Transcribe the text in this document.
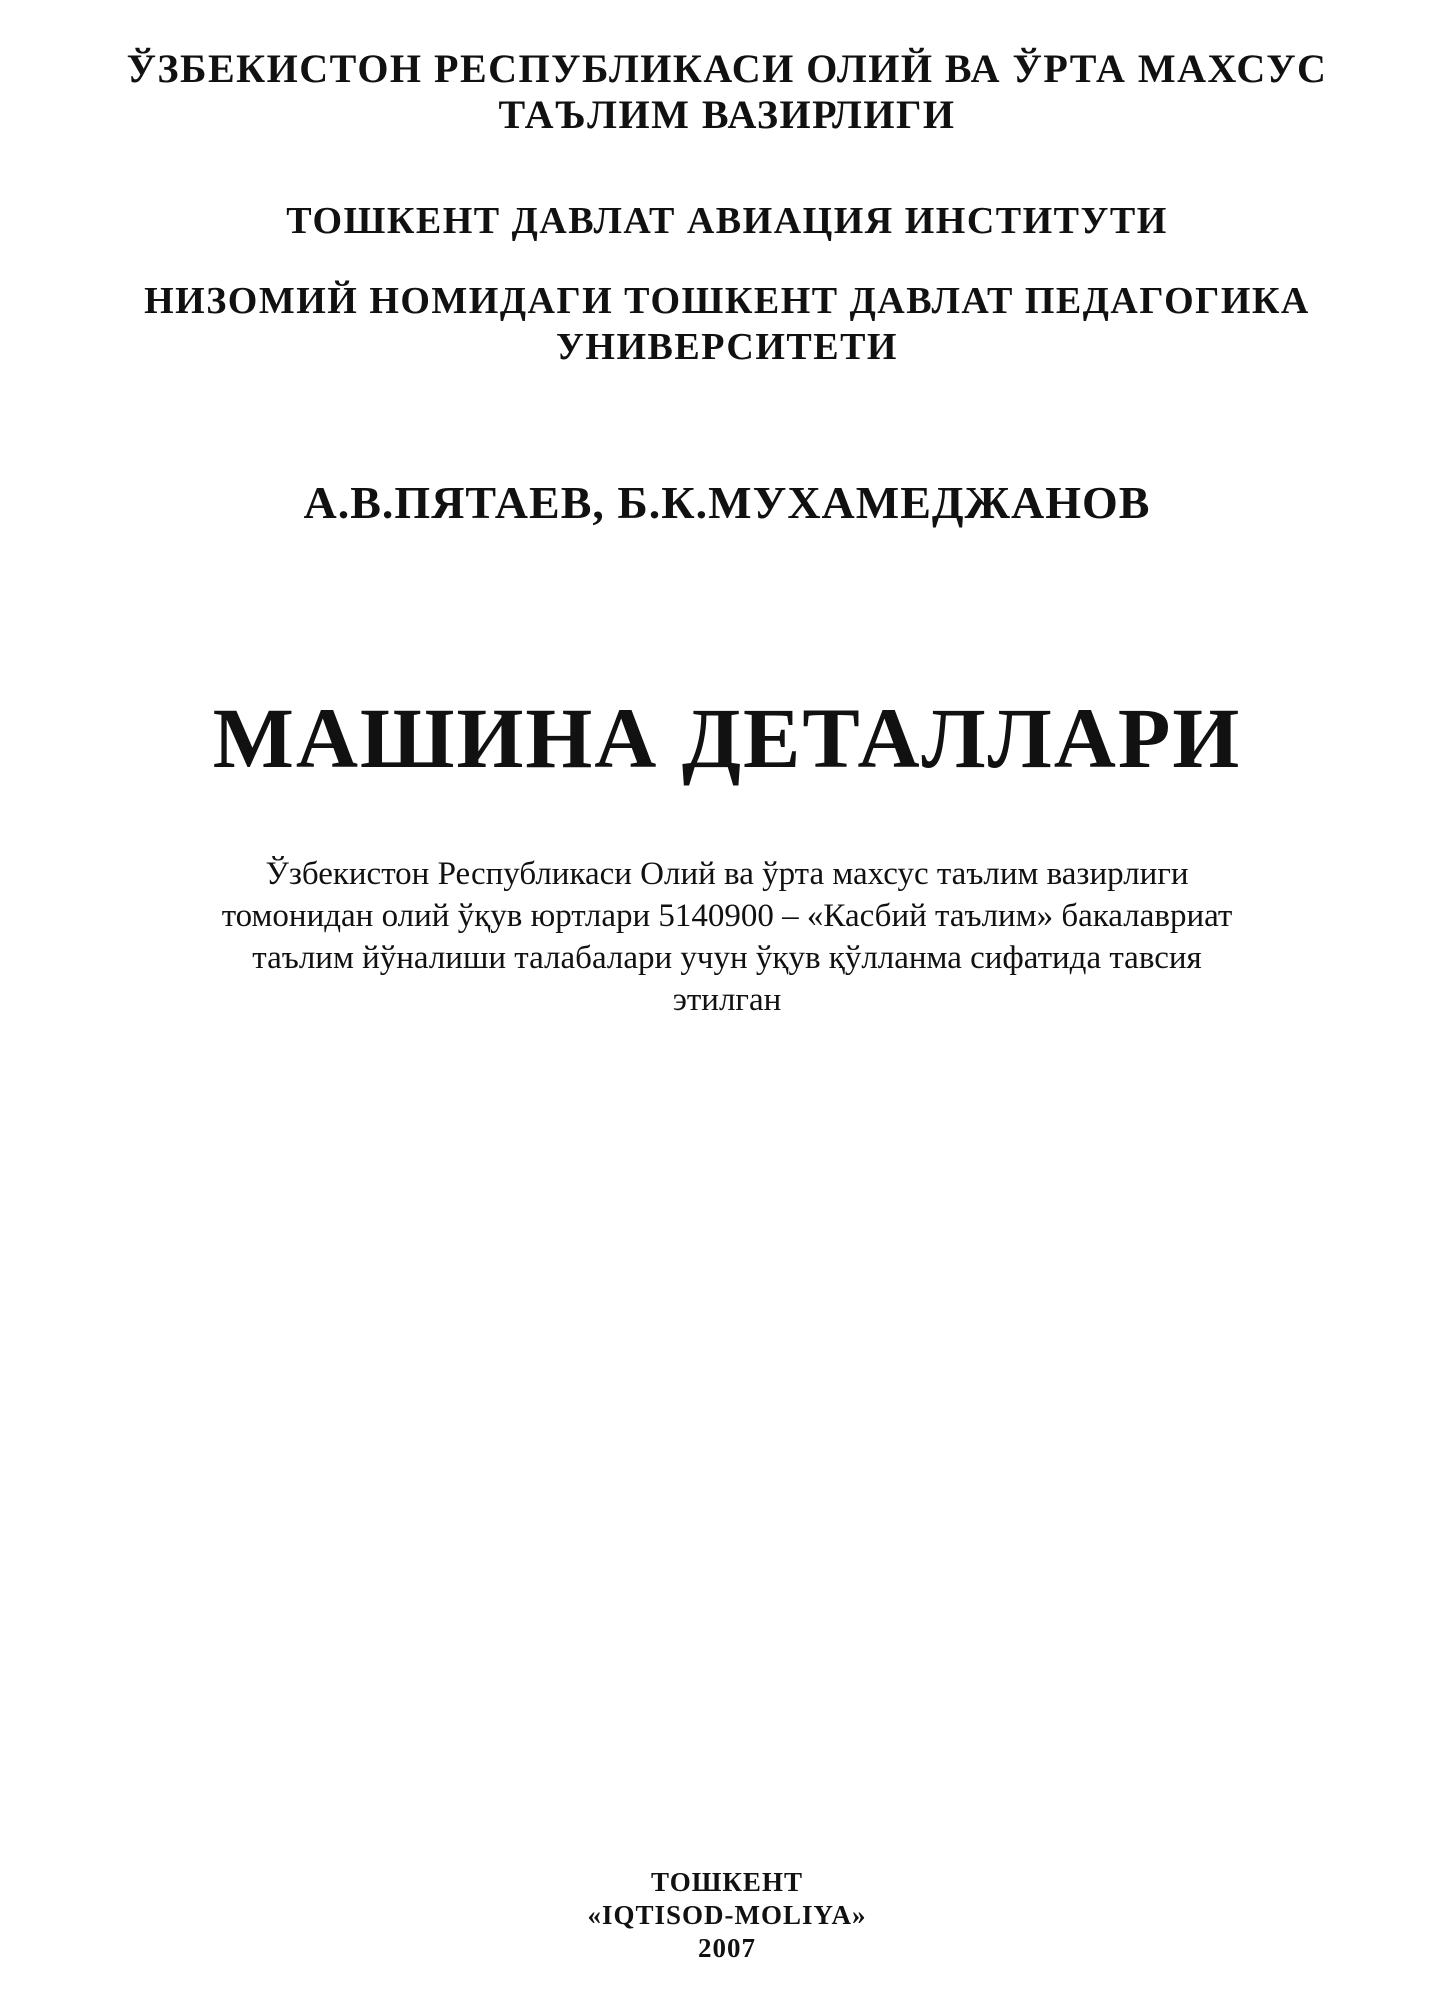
ЎЗБЕКИСТОН РЕСПУБЛИКАСИ ОЛИЙ ВА ЎРТА МАХСУС
ТАЪЛИМ ВАЗИРЛИГИ
ТОШКЕНТ ДАВЛАТ АВИАЦИЯ ИНСТИТУТИ
НИЗОМИЙ НОМИДАГИ ТОШКЕНТ ДАВЛАТ ПЕДАГОГИКА
УНИВЕРСИТЕТИ
А.В.ПЯТАЕВ, Б.К.МУХАМЕДЖАНОВ
МАШИНА ДЕТАЛЛАРИ
Ўзбекистон Республикаси Олий ва ўрта махсус таълим вазирлиги
томонидан олий ўқув юртлари 5140900 – «Касбий таълим» бакалавриат
таълим йўналиши талабалари учун ўқув қўлланма сифатида тавсия
этилган
ТОШКЕНТ
«IQTISOD-MOLIYA»
2007
